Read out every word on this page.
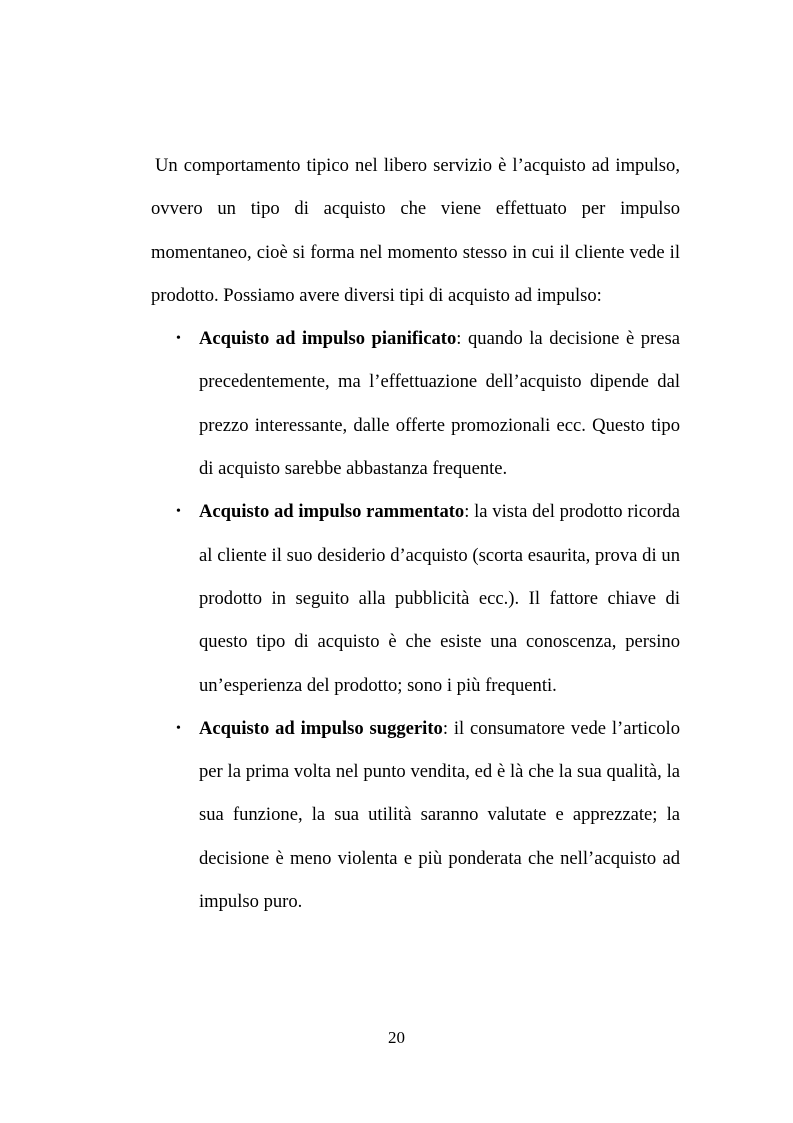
Un comportamento tipico nel libero servizio è l’acquisto ad impulso, ovvero un tipo di acquisto che viene effettuato per impulso momentaneo, cioè si forma nel momento stesso in cui il cliente vede il prodotto. Possiamo avere diversi tipi di acquisto ad impulso:

• Acquisto ad impulso pianificato: quando la decisione è presa precedentemente, ma l’effettuazione dell’acquisto dipende dal prezzo interessante, dalle offerte promozionali ecc. Questo tipo di acquisto sarebbe abbastanza frequente.
• Acquisto ad impulso rammentato: la vista del prodotto ricorda al cliente il suo desiderio d’acquisto (scorta esaurita, prova di un prodotto in seguito alla pubblicità ecc.). Il fattore chiave di questo tipo di acquisto è che esiste una conoscenza, persino un’esperienza del prodotto; sono i più frequenti.
• Acquisto ad impulso suggerito: il consumatore vede l’articolo per la prima volta nel punto vendita, ed è là che la sua qualità, la sua funzione, la sua utilità saranno valutate e apprezzate; la decisione è meno violenta e più ponderata che nell’acquisto ad impulso puro.
20
